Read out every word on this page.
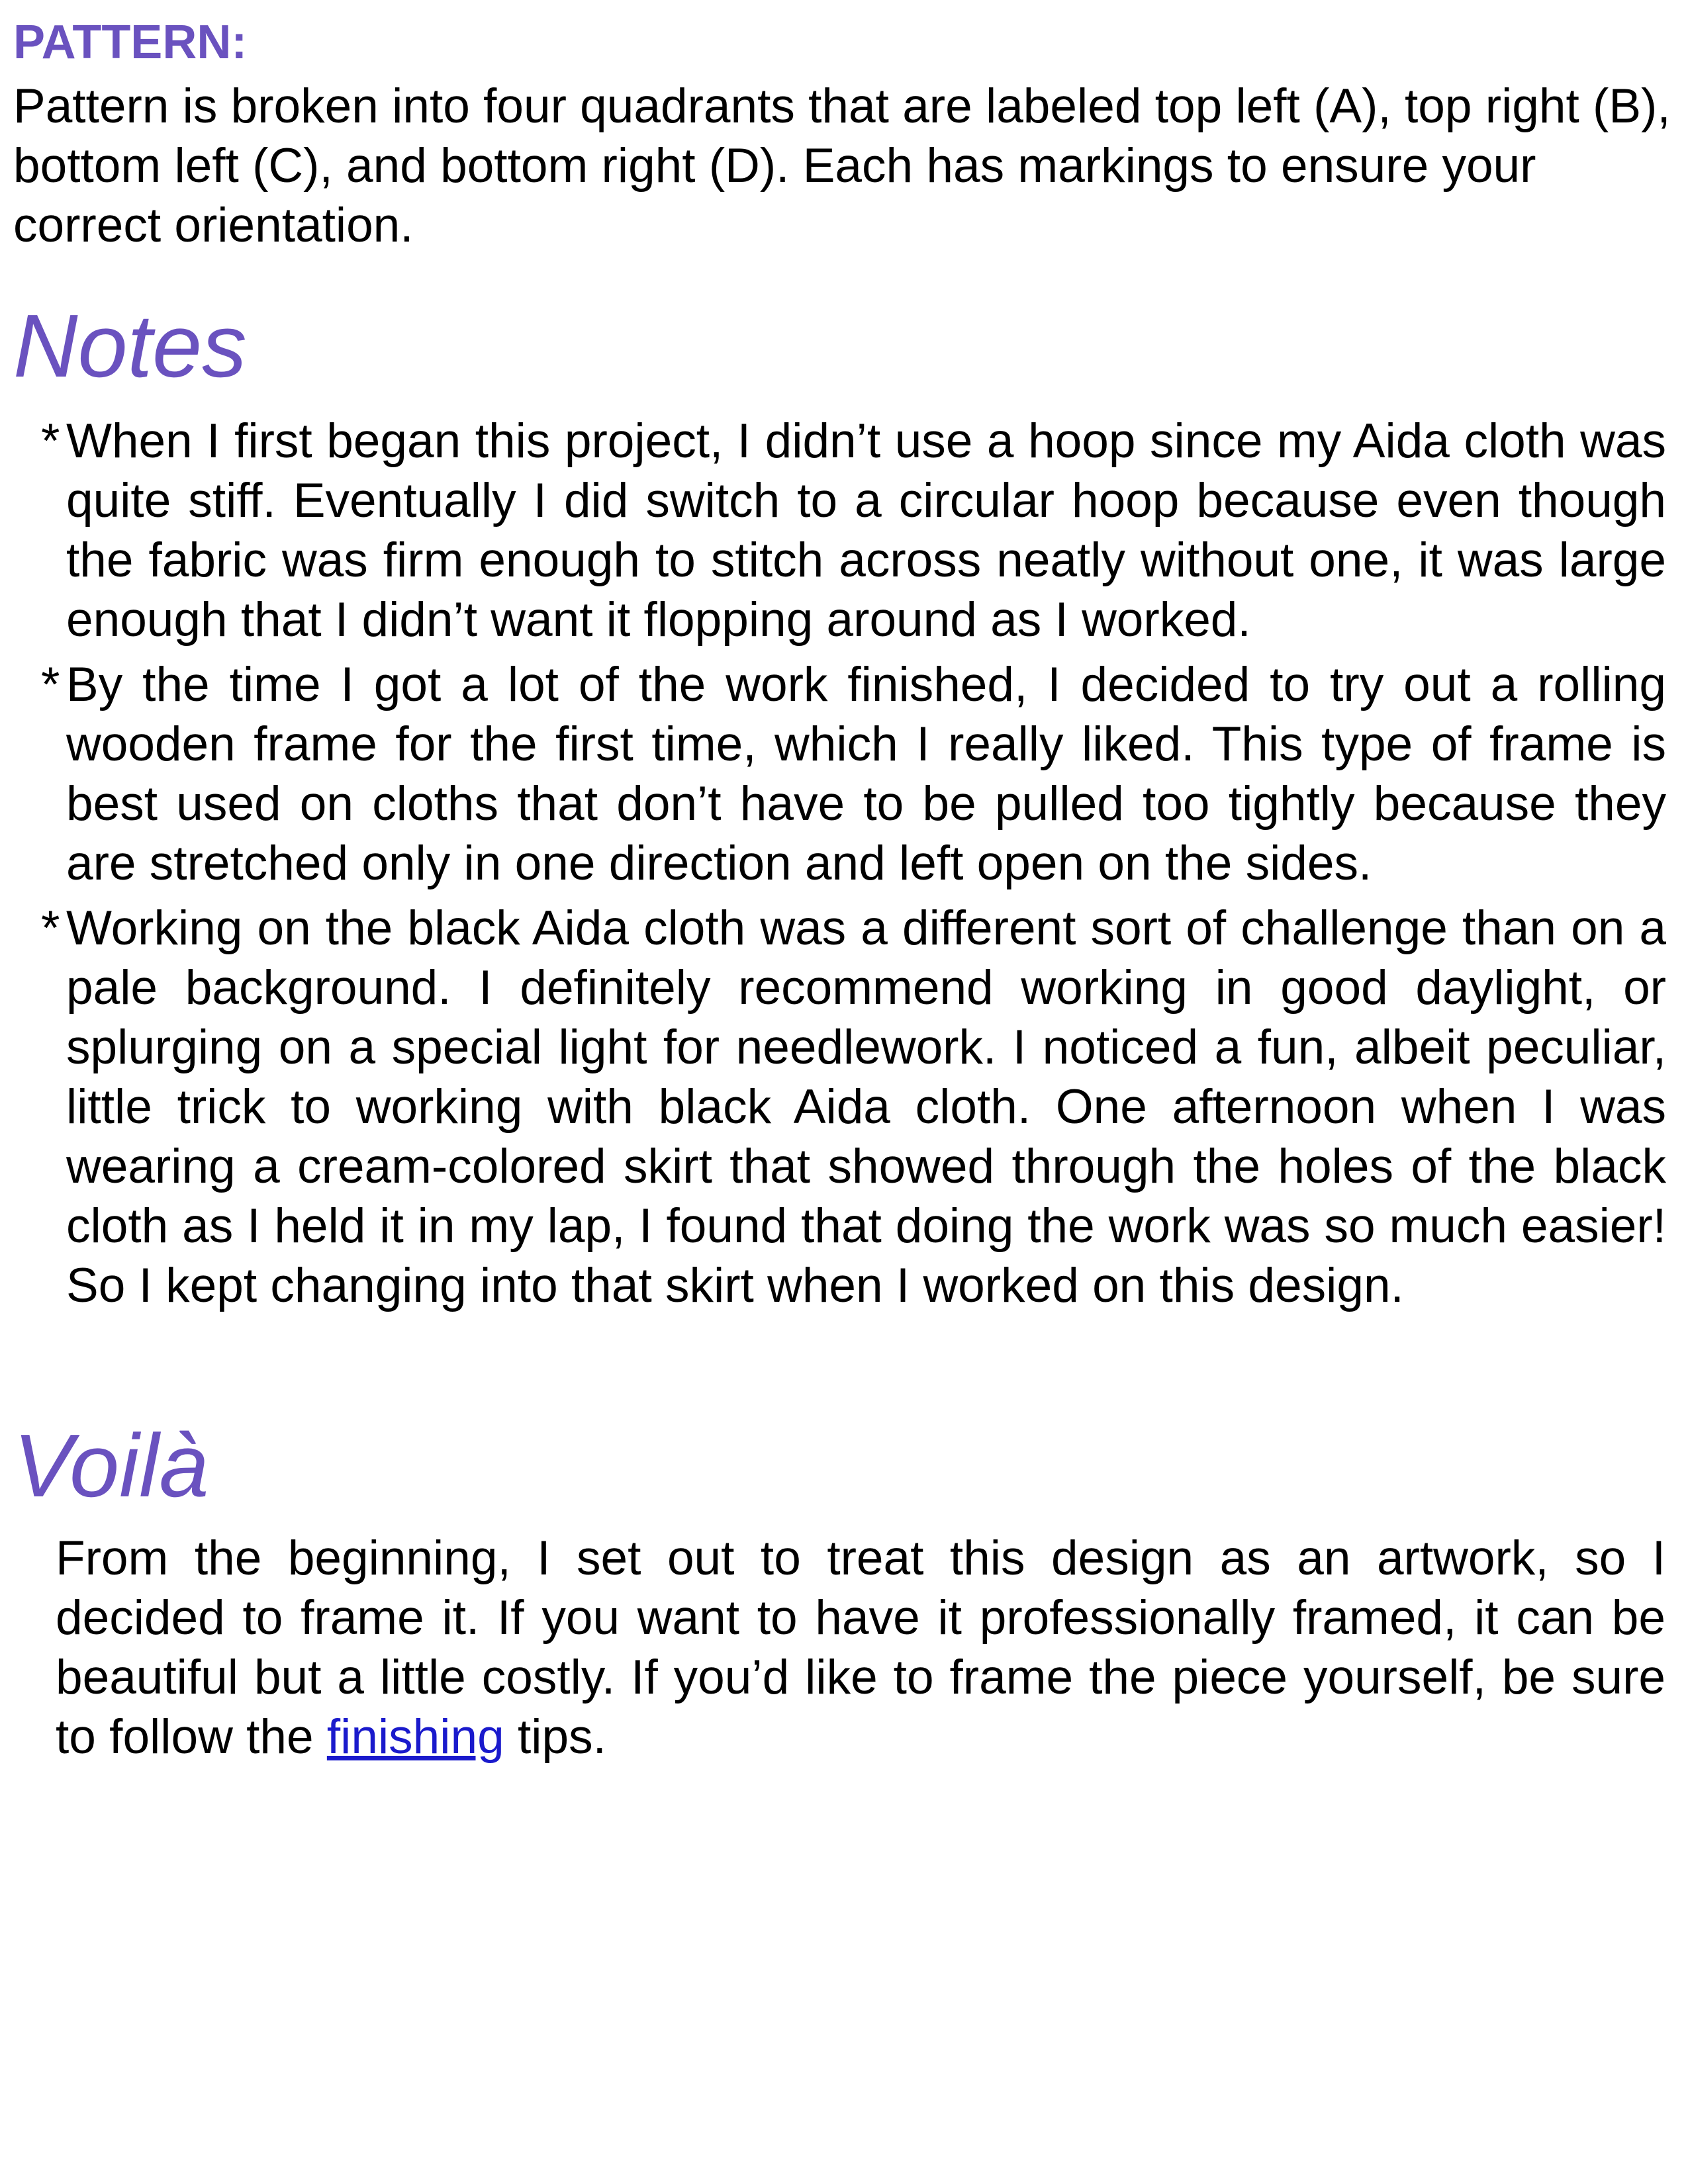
PATTERN:

Pattern is broken into four quadrants that are labeled top left (A), top right (B), bottom left (C), and bottom right (D). Each has markings to ensure your correct orientation.

Notes
* When I first began this project, I didn’t use a hoop since my Aida cloth was quite stiff. Eventually I did switch to a circular hoop because even though the fabric was firm enough to stitch across neatly without one, it was large enough that I didn’t want it flopping around as I worked.
* By the time I got a lot of the work finished, I decided to try out a rolling wooden frame for the first time, which I really liked. This type of frame is best used on cloths that don’t have to be pulled too tightly because they are stretched only in one direction and left open on the sides.
* Working on the black Aida cloth was a different sort of challenge than on a pale background. I definitely recommend working in good daylight, or splurging on a special light for needlework. I noticed a fun, albeit peculiar, little trick to working with black Aida cloth. One afternoon when I was wearing a cream-colored skirt that showed through the holes of the black cloth as I held it in my lap, I found that doing the work was so much easier! So I kept changing into that skirt when I worked on this design.
Voilà

From the beginning, I set out to treat this design as an artwork, so I decided to frame it. If you want to have it professionally framed, it can be beautiful but a little costly. If you’d like to frame the piece yourself, be sure to follow the finishing tips.
